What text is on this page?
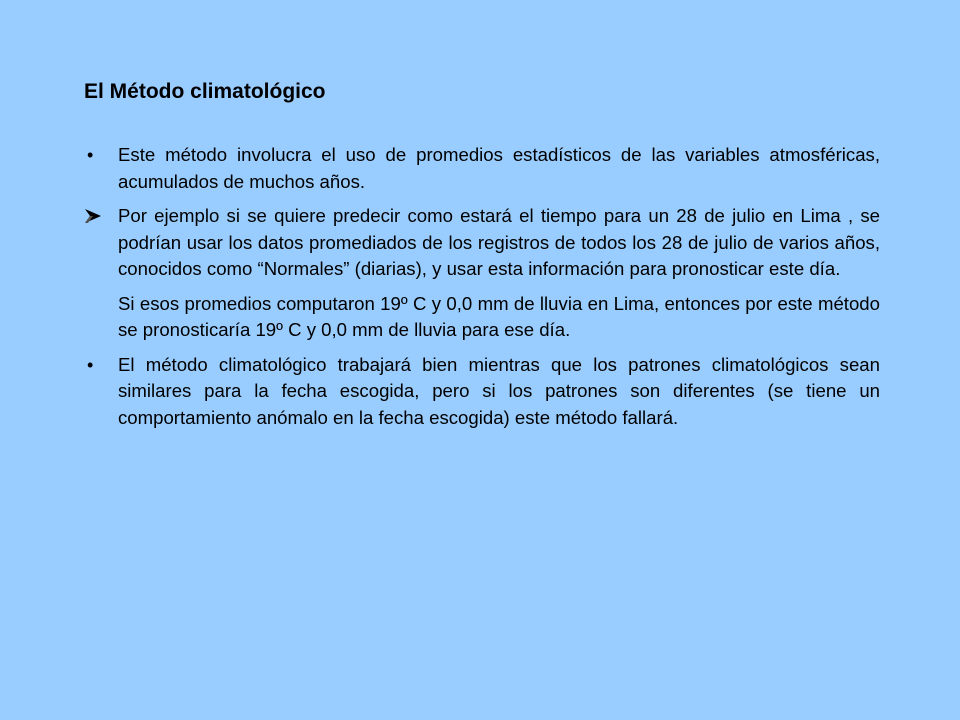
El Método climatológico
• Este método involucra el uso de promedios estadísticos de las variables atmosféricas, acumulados de muchos años.
Por ejemplo si se quiere predecir como estará el tiempo para un 28 de julio en Lima , se podrían usar los datos promediados de los registros de todos los 28 de julio de varios años, conocidos como “Normales” (diarias), y usar esta información para pronosticar este día.
Si esos promedios computaron 19º C y 0,0 mm de lluvia en Lima, entonces por este método se pronosticaría 19º C y 0,0 mm de lluvia para ese día.
• El método climatológico trabajará bien mientras que los patrones climatológicos sean similares para la fecha escogida, pero si los patrones son diferentes (se tiene un comportamiento anómalo en la fecha escogida) este método fallará.
